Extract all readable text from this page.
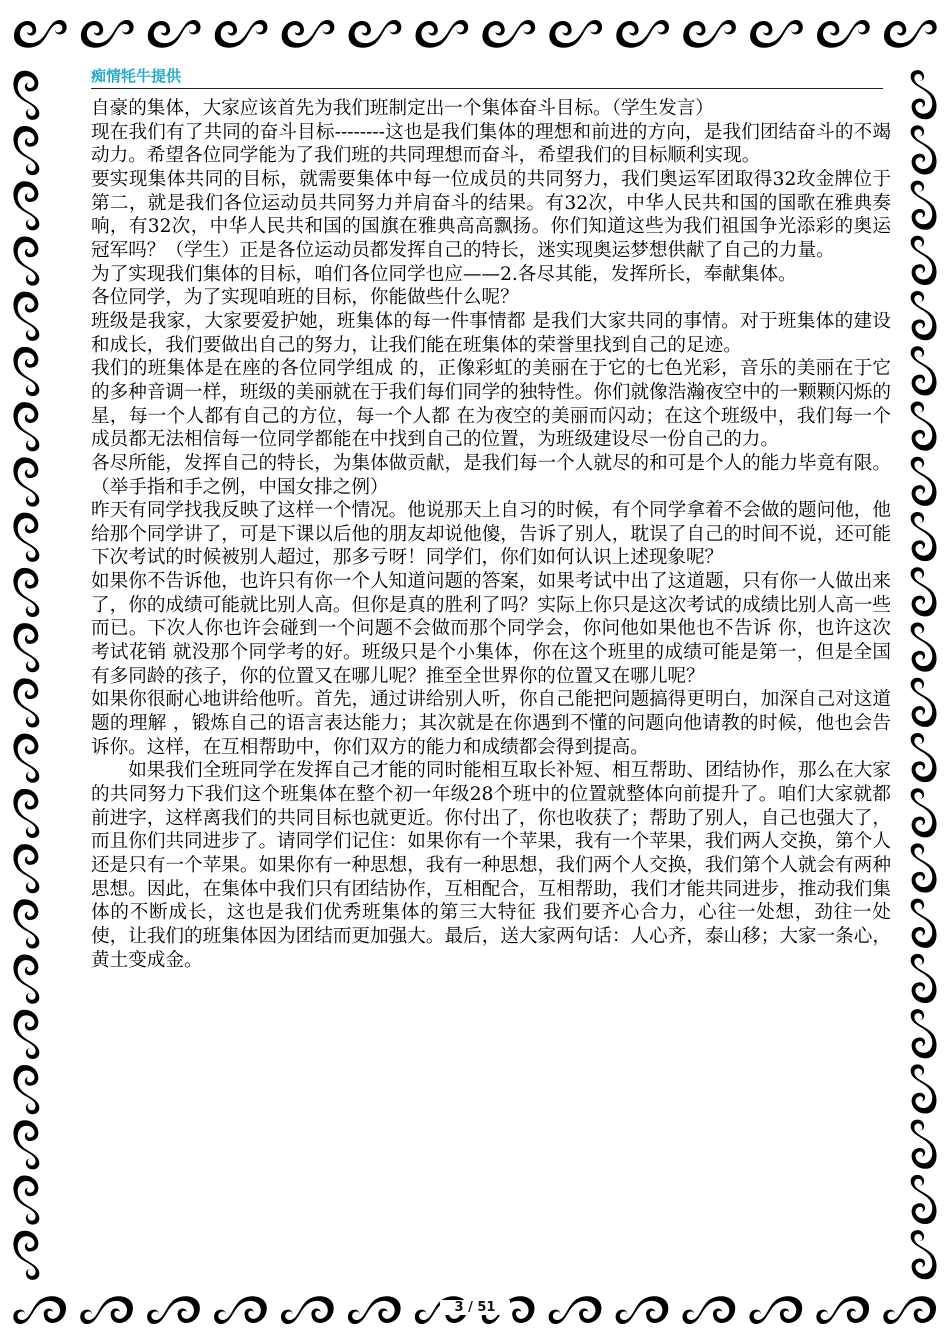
痴情牦牛提供

自豪的集体，大家应该首先为我们班制定出一个集体奋斗目标。（学生发言）

现在我们有了共同的奋斗目标--------这也是我们集体的理想和前进的方向，是我们团结奋斗的不竭动力。希望各位同学能为了我们班的共同理想而奋斗，希望我们的目标顺利实现。

要实现集体共同的目标，就需要集体中每一位成员的共同努力，我们奥运军团取得32玫金牌位于第二，就是我们各位运动员共同努力并肩奋斗的结果。有32次，中华人民共和国的国歌在雅典奏响，有32次，中华人民共和国的国旗在雅典高高飘扬。你们知道这些为我们祖国争光添彩的奥运冠军吗？（学生）正是各位运动员都发挥自己的特长，迷实现奥运梦想供献了自己的力量。

为了实现我们集体的目标，咱们各位同学也应——2.各尽其能，发挥所长，奉献集体。

各位同学，为了实现咱班的目标，你能做些什么呢？

班级是我家，大家要爱护她，班集体的每一件事情都 是我们大家共同的事情。对于班集体的建设和成长，我们要做出自己的努力，让我们能在班集体的荣誉里找到自己的足迹。

我们的班集体是在座的各位同学组成 的，正像彩虹的美丽在于它的七色光彩，音乐的美丽在于它的多种音调一样，班级的美丽就在于我们每们同学的独特性。你们就像浩瀚夜空中的一颗颗闪烁的星，每一个人都有自己的方位，每一个人都 在为夜空的美丽而闪动；在这个班级中，我们每一个成员都无法相信每一位同学都能在中找到自己的位置，为班级建设尽一份自己的力。

各尽所能，发挥自己的特长，为集体做贡献，是我们每一个人就尽的和可是个人的能力毕竟有限。（举手指和手之例，中国女排之例）

昨天有同学找我反映了这样一个情况。他说那天上自习的时候，有个同学拿着不会做的题问他，他给那个同学讲了，可是下课以后他的朋友却说他傻，告诉了别人，耽误了自己的时间不说，还可能下次考试的时候被别人超过，那多亏呀！同学们，你们如何认识上述现象呢？

如果你不告诉他，也许只有你一个人知道问题的答案，如果考试中出了这道题，只有你一人做出来了，你的成绩可能就比别人高。但你是真的胜利了吗？实际上你只是这次考试的成绩比别人高一些而已。下次人你也许会碰到一个问题不会做而那个同学会，你问他如果他也不告诉 你，也许这次考试花销 就没那个同学考的好。班级只是个小集体，你在这个班里的成绩可能是第一，但是全国有多同龄的孩子，你的位置又在哪儿呢？推至全世界你的位置又在哪儿呢？

如果你很耐心地讲给他听。首先，通过讲给别人听，你自己能把问题搞得更明白，加深自己对这道题的理解 ，锻炼自己的语言表达能力；其次就是在你遇到不懂的问题向他请教的时候，他也会告诉你。这样，在互相帮助中，你们双方的能力和成绩都会得到提高。

如果我们全班同学在发挥自己才能的同时能相互取长补短、相互帮助、团结协作，那么在大家的共同努力下我们这个班集体在整个初一年级28个班中的位置就整体向前提升了。咱们大家就都 前进字，这样离我们的共同目标也就更近。你付出了，你也收获了；帮助了别人，自己也强大了，而且你们共同进步了。请同学们记住：如果你有一个苹果，我有一个苹果，我们两人交换，第个人还是只有一个苹果。如果你有一种思想，我有一种思想，我们两个人交换，我们第个人就会有两种思想。因此，在集体中我们只有团结协作，互相配合，互相帮助，我们才能共同进步，推动我们集体的不断成长，这也是我们优秀班集体的第三大特征 我们要齐心合力，心往一处想，劲往一处使，让我们的班集体因为团结而更加强大。最后，送大家两句话：人心齐，泰山移；大家一条心，黄土变成金。

3 / 51
